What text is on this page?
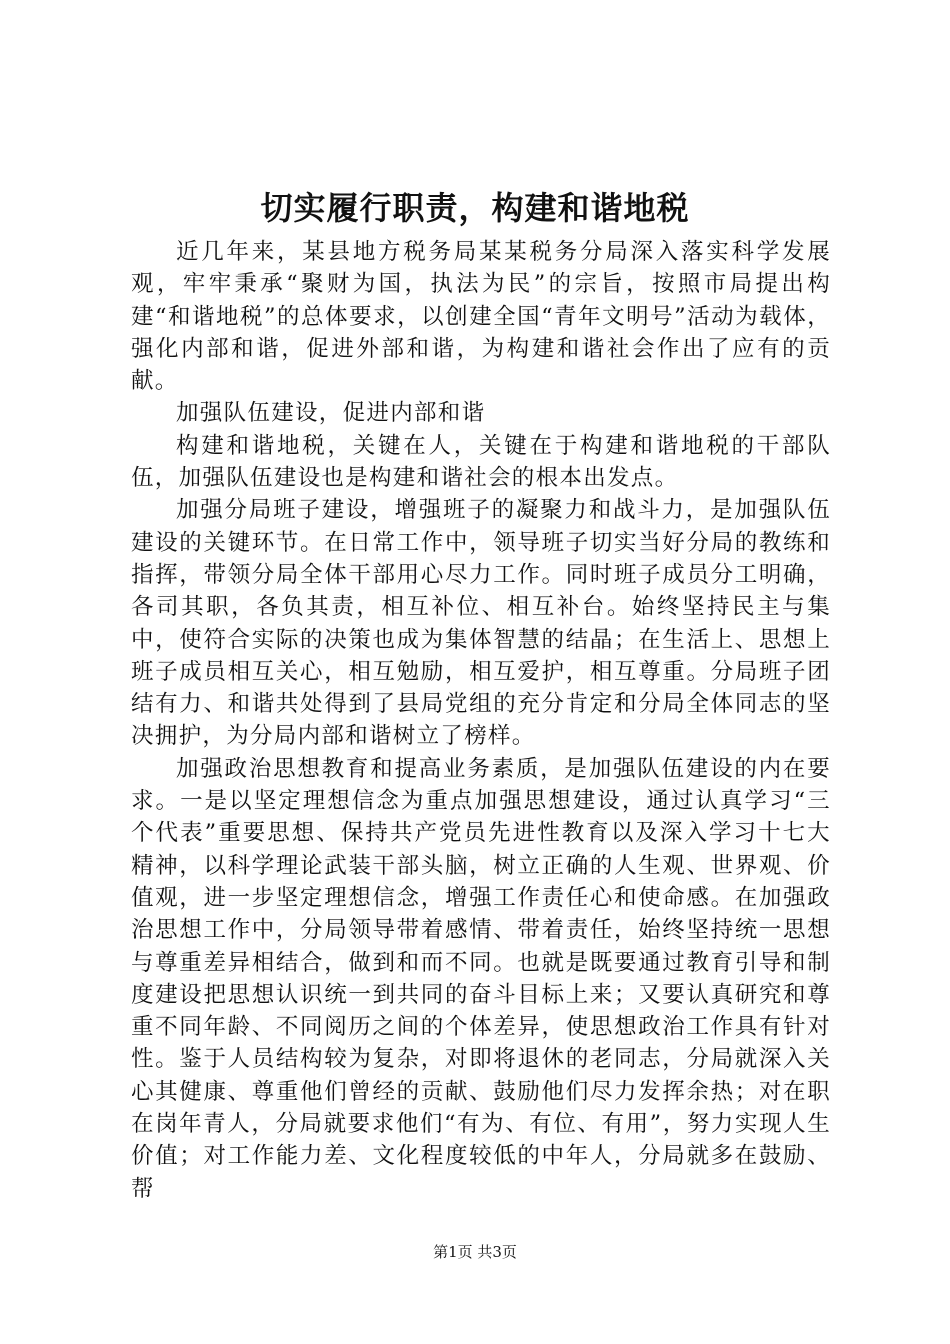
切实履行职责，构建和谐地税

近几年来，某县地方税务局某某税务分局深入落实科学发展观，牢牢秉承“聚财为国，执法为民”的宗旨，按照市局提出构建“和谐地税”的总体要求，以创建全国“青年文明号”活动为载体，强化内部和谐，促进外部和谐，为构建和谐社会作出了应有的贡献。

加强队伍建设，促进内部和谐

构建和谐地税，关键在人，关键在于构建和谐地税的干部队伍，加强队伍建设也是构建和谐社会的根本出发点。

加强分局班子建设，增强班子的凝聚力和战斗力，是加强队伍建设的关键环节。在日常工作中，领导班子切实当好分局的教练和指挥，带领分局全体干部用心尽力工作。同时班子成员分工明确，各司其职，各负其责，相互补位、相互补台。始终坚持民主与集中，使符合实际的决策也成为集体智慧的结晶；在生活上、思想上班子成员相互关心，相互勉励，相互爱护，相互尊重。分局班子团结有力、和谐共处得到了县局党组的充分肯定和分局全体同志的坚决拥护，为分局内部和谐树立了榜样。

加强政治思想教育和提高业务素质，是加强队伍建设的内在要求。一是以坚定理想信念为重点加强思想建设，通过认真学习“三个代表”重要思想、保持共产党员先进性教育以及深入学习十七大精神，以科学理论武装干部头脑，树立正确的人生观、世界观、价值观，进一步坚定理想信念，增强工作责任心和使命感。在加强政治思想工作中，分局领导带着感情、带着责任，始终坚持统一思想与尊重差异相结合，做到和而不同。也就是既要通过教育引导和制度建设把思想认识统一到共同的奋斗目标上来；又要认真研究和尊重不同年龄、不同阅历之间的个体差异，使思想政治工作具有针对性。鉴于人员结构较为复杂，对即将退休的老同志，分局就深入关心其健康、尊重他们曾经的贡献、鼓励他们尽力发挥余热；对在职在岗年青人，分局就要求他们“有为、有位、有用”，努力实现人生价值；对工作能力差、文化程度较低的中年人，分局就多在鼓励、帮

第1页 共3页
